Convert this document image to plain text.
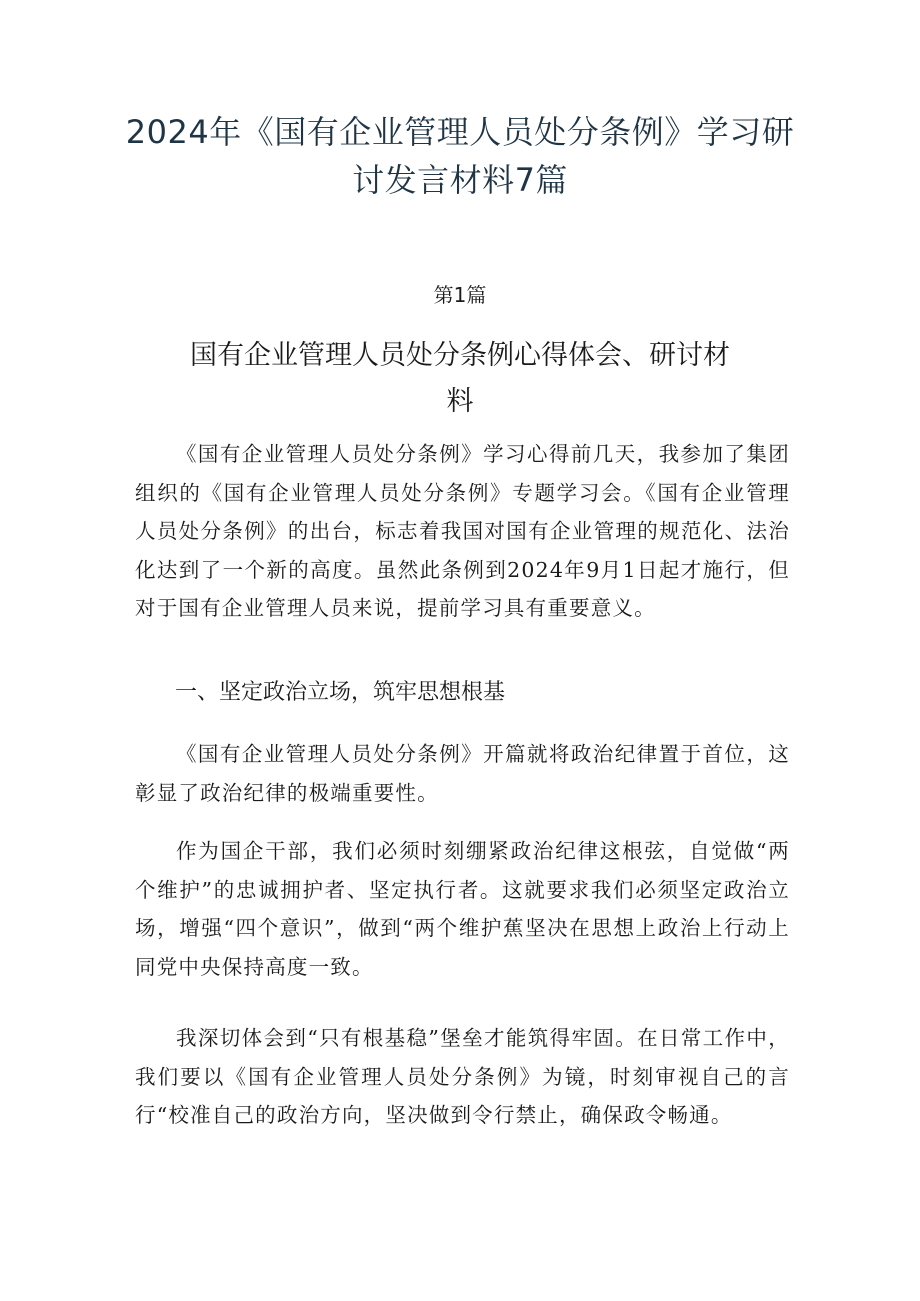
2024年《国有企业管理人员处分条例》学习研讨发言材料7篇
第1篇
国有企业管理人员处分条例心得体会、研讨材料

《国有企业管理人员处分条例》学习心得前几天，我参加了集团组织的《国有企业管理人员处分条例》专题学习会。《国有企业管理人员处分条例》的出台，标志着我国对国有企业管理的规范化、法治化达到了一个新的高度。虽然此条例到2024年9月1日起才施行，但对于国有企业管理人员来说，提前学习具有重要意义。

一、坚定政治立场，筑牢思想根基

《国有企业管理人员处分条例》开篇就将政治纪律置于首位，这彰显了政治纪律的极端重要性。

作为国企干部，我们必须时刻绷紧政治纪律这根弦，自觉做“两个维护”的忠诚拥护者、坚定执行者。这就要求我们必须坚定政治立场，增强“四个意识”，做到“两个维护蕉坚决在思想上政治上行动上同党中央保持高度一致。

我深切体会到“只有根基稳”堡垒才能筑得牢固。在日常工作中，我们要以《国有企业管理人员处分条例》为镜，时刻审视自己的言行“校准自己的政治方向，坚决做到令行禁止，确保政令畅通。
